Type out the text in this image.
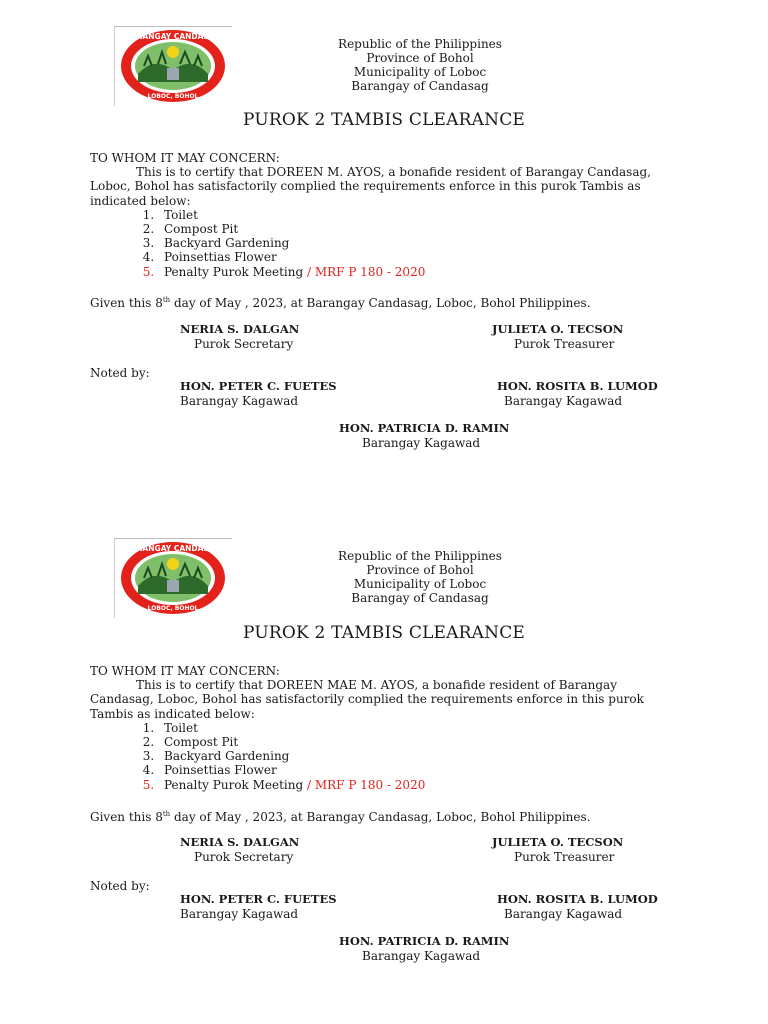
BARANGAY CANDASAG
LOBOC, BOHOL
Republic of the Philippines
Province of Bohol
Municipality of Loboc
Barangay of Candasag
PUROK 2 TAMBIS CLEARANCE
TO WHOM IT MAY CONCERN:
This is to certify that DOREEN M. AYOS, a bonafide resident of Barangay Candasag,
Loboc, Bohol has satisfactorily complied the requirements enforce in this purok Tambis as
indicated below:
1. Toilet
2. Compost Pit
3. Backyard Gardening
4. Poinsettias Flower
5. Penalty Purok Meeting / MRF P 180 - 2020
Given this 8th day of May , 2023, at Barangay Candasag, Loboc, Bohol Philippines.
NERIA S. DALGAN
Purok Secretary
JULIETA O. TECSON
Purok Treasurer
Noted by:
HON. PETER C. FUETES
Barangay Kagawad
HON. ROSITA B. LUMOD
Barangay Kagawad
HON. PATRICIA D. RAMIN
Barangay Kagawad
BARANGAY CANDASAG
LOBOC, BOHOL
Republic of the Philippines
Province of Bohol
Municipality of Loboc
Barangay of Candasag
PUROK 2 TAMBIS CLEARANCE
TO WHOM IT MAY CONCERN:
This is to certify that DOREEN MAE M. AYOS, a bonafide resident of Barangay
Candasag, Loboc, Bohol has satisfactorily complied the requirements enforce in this purok
Tambis as indicated below:
1. Toilet
2. Compost Pit
3. Backyard Gardening
4. Poinsettias Flower
5. Penalty Purok Meeting / MRF P 180 - 2020
Given this 8th day of May , 2023, at Barangay Candasag, Loboc, Bohol Philippines.
NERIA S. DALGAN
Purok Secretary
JULIETA O. TECSON
Purok Treasurer
Noted by:
HON. PETER C. FUETES
Barangay Kagawad
HON. ROSITA B. LUMOD
Barangay Kagawad
HON. PATRICIA D. RAMIN
Barangay Kagawad
